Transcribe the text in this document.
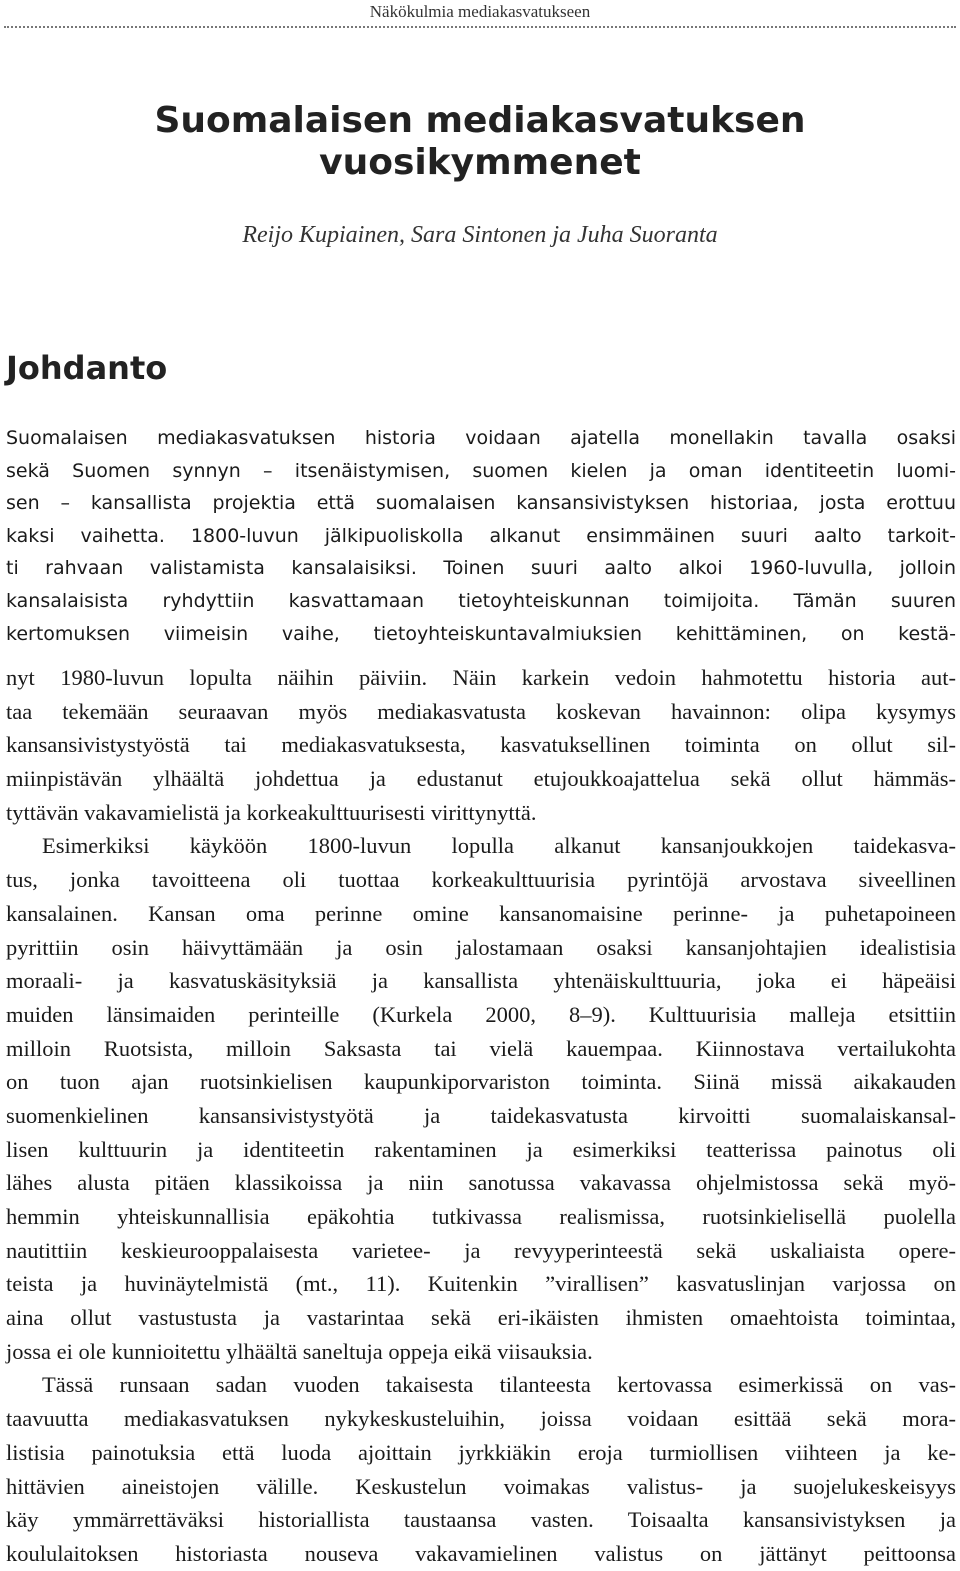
Näkökulmia mediakasvatukseen
Suomalaisen mediakasvatuksen
vuosikymmenet
Reijo Kupiainen, Sara Sintonen ja Juha Suoranta
Johdanto
Suomalaisen mediakasvatuksen historia voidaan ajatella monellakin tavalla osaksi
sekä Suomen synnyn – itsenäistymisen, suomen kielen ja oman identiteetin luomi-
sen – kansallista projektia että suomalaisen kansansivistyksen historiaa, josta erottuu
kaksi vaihetta. 1800-luvun jälkipuoliskolla alkanut ensimmäinen suuri aalto tarkoit-
ti rahvaan valistamista kansalaisiksi. Toinen suuri aalto alkoi 1960-luvulla, jolloin
kansalaisista ryhdyttiin kasvattamaan tietoyhteiskunnan toimijoita. Tämän suuren
kertomuksen viimeisin vaihe, tietoyhteiskuntavalmiuksien kehittäminen, on kestä-
nyt 1980-luvun lopulta näihin päiviin. Näin karkein vedoin hahmotettu historia aut-
taa tekemään seuraavan myös mediakasvatusta koskevan havainnon: olipa kysymys
kansansivistystyöstä tai mediakasvatuksesta, kasvatuksellinen toiminta on ollut sil-
miinpistävän ylhäältä johdettua ja edustanut etujoukkoajattelua sekä ollut hämmäs-
tyttävän vakavamielistä ja korkeakulttuurisesti virittynyttä.
Esimerkiksi käyköön 1800-luvun lopulla alkanut kansanjoukkojen taidekasva-
tus, jonka tavoitteena oli tuottaa korkeakulttuurisia pyrintöjä arvostava siveellinen
kansalainen. Kansan oma perinne omine kansanomaisine perinne- ja puhetapoineen
pyrittiin osin häivyttämään ja osin jalostamaan osaksi kansanjohtajien idealistisia
moraali- ja kasvatuskäsityksiä ja kansallista yhtenäiskulttuuria, joka ei häpeäisi
muiden länsimaiden perinteille (Kurkela 2000, 8–9). Kulttuurisia malleja etsittiin
milloin Ruotsista, milloin Saksasta tai vielä kauempaa. Kiinnostava vertailukohta
on tuon ajan ruotsinkielisen kaupunkiporvariston toiminta. Siinä missä aikakauden
suomenkielinen kansansivistystyötä ja taidekasvatusta kirvoitti suomalaiskansal-
lisen kulttuurin ja identiteetin rakentaminen ja esimerkiksi teatterissa painotus oli
lähes alusta pitäen klassikoissa ja niin sanotussa vakavassa ohjelmistossa sekä myö-
hemmin yhteiskunnallisia epäkohtia tutkivassa realismissa, ruotsinkielisellä puolella
nautittiin keskieurooppalaisesta varietee- ja revyyperinteestä sekä uskaliaista opere-
teista ja huvinäytelmistä (mt., 11). Kuitenkin ”virallisen” kasvatuslinjan varjossa on
aina ollut vastustusta ja vastarintaa sekä eri-ikäisten ihmisten omaehtoista toimintaa,
jossa ei ole kunnioitettu ylhäältä saneltuja oppeja eikä viisauksia.
Tässä runsaan sadan vuoden takaisesta tilanteesta kertovassa esimerkissä on vas-
taavuutta mediakasvatuksen nykykeskusteluihin, joissa voidaan esittää sekä mora-
listisia painotuksia että luoda ajoittain jyrkkiäkin eroja turmiollisen viihteen ja ke-
hittävien aineistojen välille. Keskustelun voimakas valistus- ja suojelukeskeisyys
käy ymmärrettäväksi historiallista taustaansa vasten. Toisaalta kansansivistyksen ja
koululaitoksen historiasta nouseva vakavamielinen valistus on jättänyt peittoonsa
